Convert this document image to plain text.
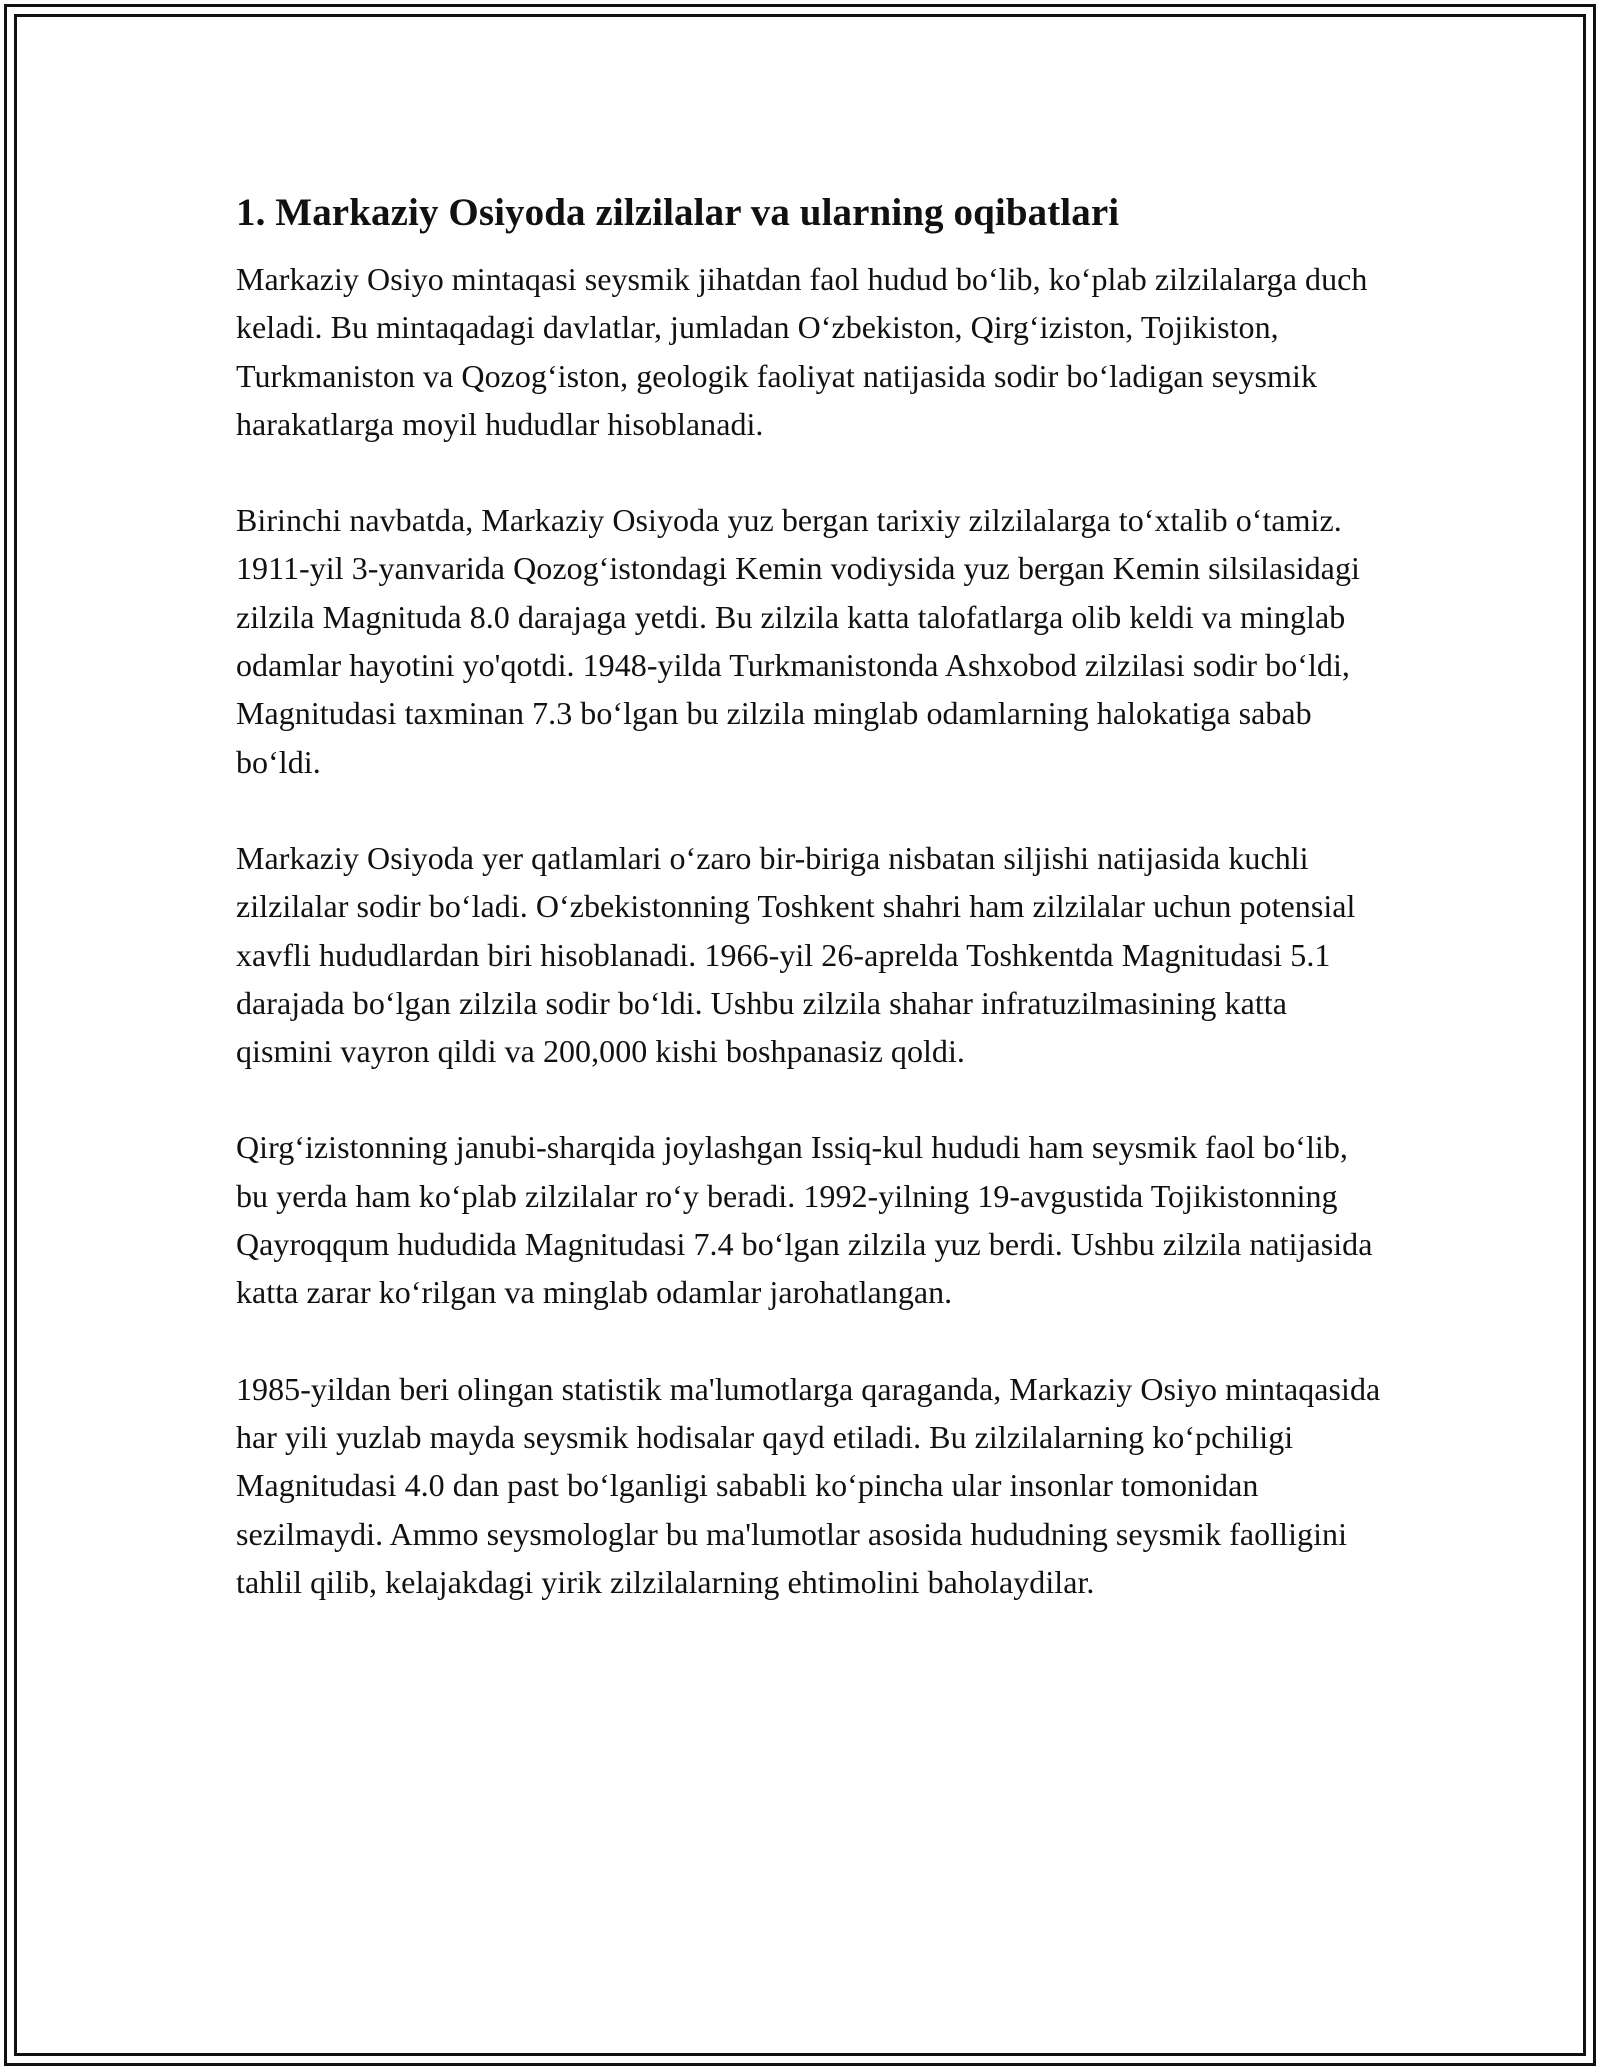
1. Markaziy Osiyoda zilzilalar va ularning oqibatlari

Markaziy Osiyo mintaqasi seysmik jihatdan faol hudud bo‘lib, ko‘plab zilzilalarga duch keladi. Bu mintaqadagi davlatlar, jumladan O‘zbekiston, Qirg‘iziston, Tojikiston, Turkmaniston va Qozog‘iston, geologik faoliyat natijasida sodir bo‘ladigan seysmik harakatlarga moyil hududlar hisoblanadi.

Birinchi navbatda, Markaziy Osiyoda yuz bergan tarixiy zilzilalarga to‘xtalib o‘tamiz. 1911-yil 3-yanvarida Qozog‘istondagi Kemin vodiysida yuz bergan Kemin silsilasidagi zilzila Magnituda 8.0 darajaga yetdi. Bu zilzila katta talofatlarga olib keldi va minglab odamlar hayotini yo'qotdi. 1948-yilda Turkmanistonda Ashxobod zilzilasi sodir bo‘ldi, Magnitudasi taxminan 7.3 bo‘lgan bu zilzila minglab odamlarning halokatiga sabab bo‘ldi.

Markaziy Osiyoda yer qatlamlari o‘zaro bir-biriga nisbatan siljishi natijasida kuchli zilzilalar sodir bo‘ladi. O‘zbekistonning Toshkent shahri ham zilzilalar uchun potensial xavfli hududlardan biri hisoblanadi. 1966-yil 26-aprelda Toshkentda Magnitudasi 5.1 darajada bo‘lgan zilzila sodir bo‘ldi. Ushbu zilzila shahar infratuzilmasining katta qismini vayron qildi va 200,000 kishi boshpanasiz qoldi.

Qirg‘izistonning janubi-sharqida joylashgan Issiq-kul hududi ham seysmik faol bo‘lib, bu yerda ham ko‘plab zilzilalar ro‘y beradi. 1992-yilning 19-avgustida Tojikistonning Qayroqqum hududida Magnitudasi 7.4 bo‘lgan zilzila yuz berdi. Ushbu zilzila natijasida katta zarar ko‘rilgan va minglab odamlar jarohatlangan.

1985-yildan beri olingan statistik ma'lumotlarga qaraganda, Markaziy Osiyo mintaqasida har yili yuzlab mayda seysmik hodisalar qayd etiladi. Bu zilzilalarning ko‘pchiligi Magnitudasi 4.0 dan past bo‘lganligi sababli ko‘pincha ular insonlar tomonidan sezilmaydi. Ammo seysmologlar bu ma'lumotlar asosida hududning seysmik faolligini tahlil qilib, kelajakdagi yirik zilzilalarning ehtimolini baholaydilar.
